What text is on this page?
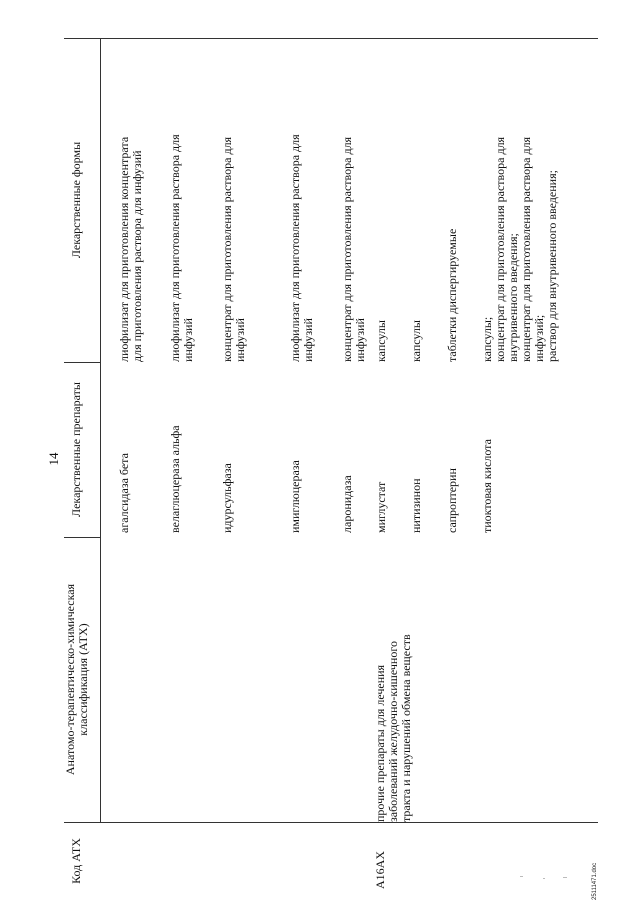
14
Лекарственные формы
Лекарственные препараты
Анатомо-терапевтическо-химическая классификация (АТХ)
Код АТХ	A16AX
прочие препараты для лечения заболеваний желудочно-кишечного тракта и нарушений обмена веществ
агалсидаза бета
лиофилизат для приготовления концентрата для приготовления раствора для инфузий
велаглюцераза альфа
лиофилизат для приготовления раствора для инфузий
идурсульфаза
концентрат для приготовления раствора для инфузий
имиглюцераза
лиофилизат для приготовления раствора для инфузий
ларонидаза
концентрат для приготовления раствора для инфузий
миглустат
капсулы
нитизинон
капсулы
сапроптерин
таблетки диспергируемые
тиоктовая кислота
капсулы; концентрат для приготовления раствора для внутривенного введения; концентрат для приготовления раствора для инфузий; раствор для внутривенного введения;
25111471.doc
